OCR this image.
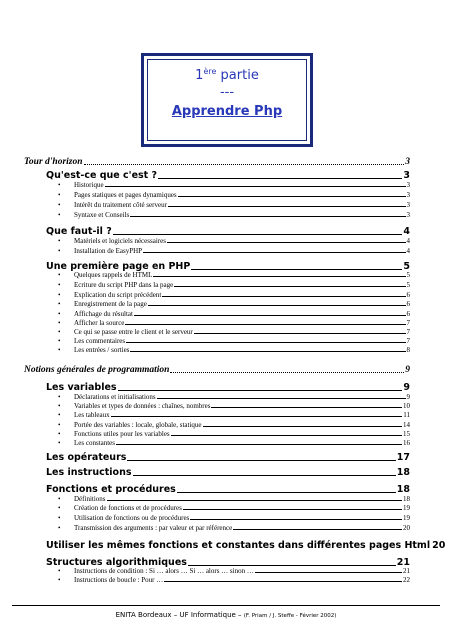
1ère partie
---
Apprendre Php
Tour d'horizon	3
Qu'est-ce que c'est ?	3
•	Historique	3
•	Pages statiques et pages dynamiques	3
•	Intérêt du traitement côté serveur	3
•	Syntaxe et Conseils	3
Que faut-il ?	4
•	Matériels et logiciels nécessaires	4
•	Installation de EasyPHP	4
Une première page en PHP	5
•	Quelques rappels de HTML	5
•	Ecriture du script PHP dans la page	5
•	Explication du script précédent	6
•	Enregistrement de la page	6
•	Affichage du résultat	6
•	Afficher la source	7
•	Ce qui se passe entre le client et le serveur	7
•	Les commentaires	7
•	Les entrées / sorties	8
Notions générales de programmation	9
Les variables	9
•	Déclarations et initialisations	9
•	Variables et types de données : chaînes, nombres	10
•	Les tableaux	11
•	Portée des variables : locale, globale, statique	14
•	Fonctions utiles pour les variables	15
•	Les constantes	16
Les opérateurs	17
Les instructions	18
Fonctions et procédures	18
•	Définitions	18
•	Création de fonctions et de procédures	19
•	Utilisation de fonctions ou de procédures	19
•	Transmission des arguments : par valeur et par référence	20
Utiliser les mêmes fonctions et constantes dans différentes pages Html 20
Structures algorithmiques	21
•	Instructions de condition : Si … alors … Si … alors … sinon …	21
•	Instructions de boucle : Pour …	22
ENITA Bordeaux – UF Informatique – (F. Priam / J. Steffe - Février 2002)
